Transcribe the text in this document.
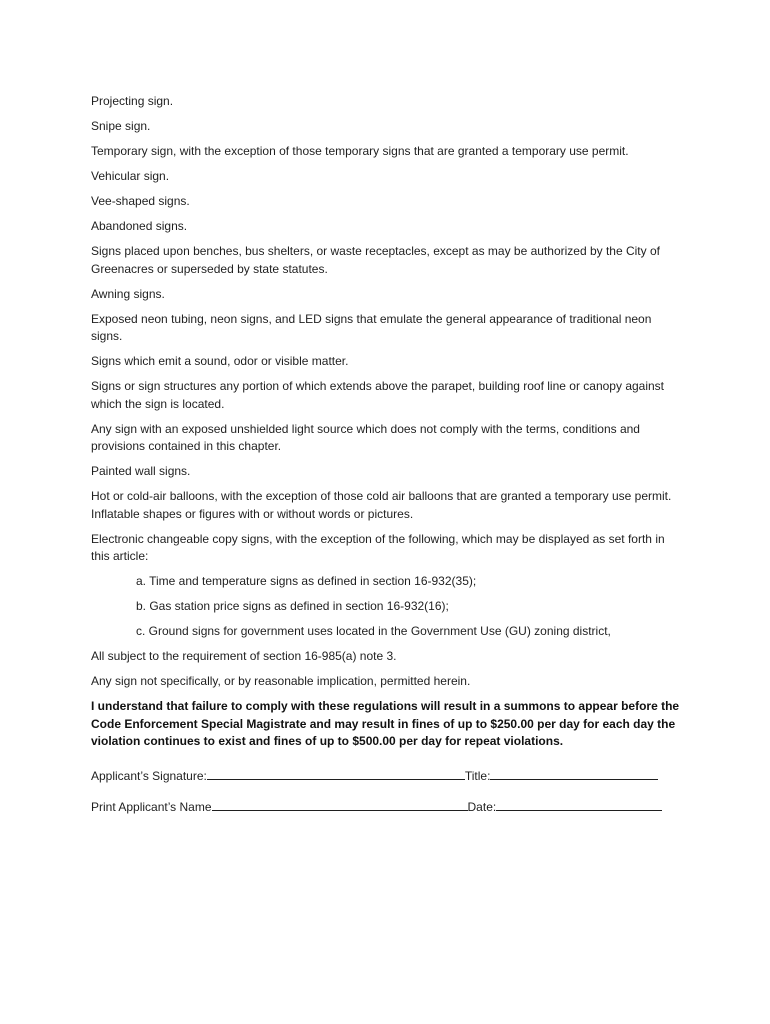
Projecting sign.

Snipe sign.

Temporary sign, with the exception of those temporary signs that are granted a temporary use permit.

Vehicular sign.

Vee-shaped signs.

Abandoned signs.

Signs placed upon benches, bus shelters, or waste receptacles, except as may be authorized by the City of Greenacres or superseded by state statutes.

Awning signs.

Exposed neon tubing, neon signs, and LED signs that emulate the general appearance of traditional neon signs.

Signs which emit a sound, odor or visible matter.

Signs or sign structures any portion of which extends above the parapet, building roof line or canopy against which the sign is located.

Any sign with an exposed unshielded light source which does not comply with the terms, conditions and provisions contained in this chapter.

Painted wall signs.

Hot or cold-air balloons, with the exception of those cold air balloons that are granted a temporary use permit. Inflatable shapes or figures with or without words or pictures.

Electronic changeable copy signs, with the exception of the following, which may be displayed as set forth in this article:

a. Time and temperature signs as defined in section 16-932(35);

b. Gas station price signs as defined in section 16-932(16);

c. Ground signs for government uses located in the Government Use (GU) zoning district,

All subject to the requirement of section 16-985(a) note 3.

Any sign not specifically, or by reasonable implication, permitted herein.

I understand that failure to comply with these regulations will result in a summons to appear before the Code Enforcement Special Magistrate and may result in fines of up to $250.00 per day for each day the violation continues to exist and fines of up to $500.00 per day for repeat violations.

Applicant’s Signature:	Title:
Print Applicant’s Name	Date:
